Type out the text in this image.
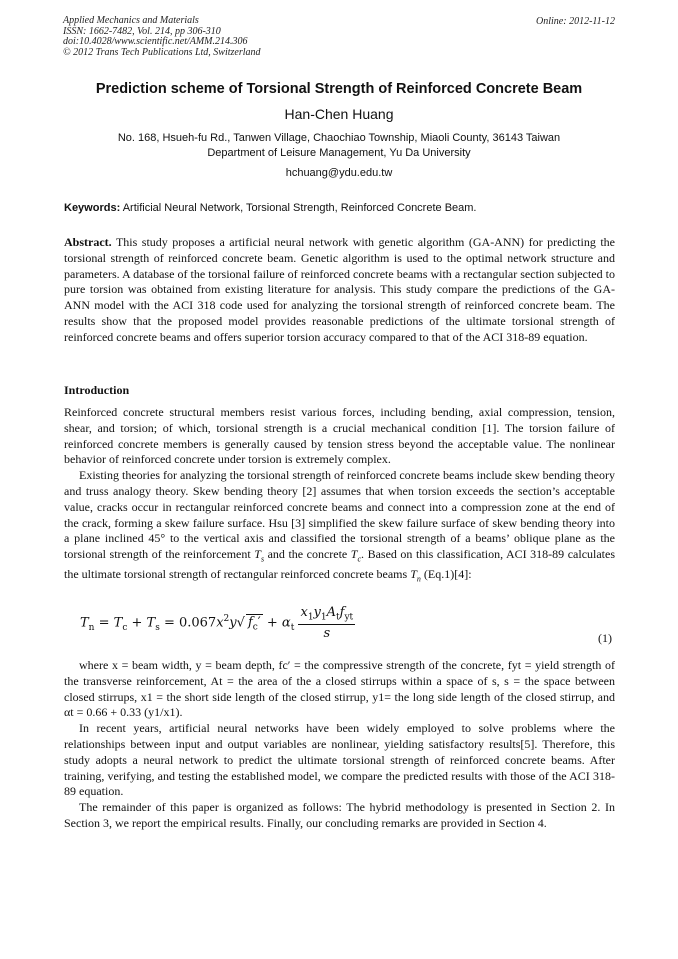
Applied Mechanics and Materials
ISSN: 1662-7482, Vol. 214, pp 306-310
doi:10.4028/www.scientific.net/AMM.214.306
© 2012 Trans Tech Publications Ltd, Switzerland
Online: 2012-11-12
Prediction scheme of Torsional Strength of Reinforced Concrete Beam
Han-Chen Huang
No. 168, Hsueh-fu Rd., Tanwen Village, Chaochiao Township, Miaoli County, 36143 Taiwan
Department of Leisure Management, Yu Da University
hchuang@ydu.edu.tw
Keywords: Artificial Neural Network, Torsional Strength, Reinforced Concrete Beam.
Abstract. This study proposes a artificial neural network with genetic algorithm (GA-ANN) for predicting the torsional strength of reinforced concrete beam. Genetic algorithm is used to the optimal network structure and parameters. A database of the torsional failure of reinforced concrete beams with a rectangular section subjected to pure torsion was obtained from existing literature for analysis. This study compare the predictions of the GA-ANN model with the ACI 318 code used for analyzing the torsional strength of reinforced concrete beam. The results show that the proposed model provides reasonable predictions of the ultimate torsional strength of reinforced concrete beams and offers superior torsion accuracy compared to that of the ACI 318-89 equation.
Introduction

Reinforced concrete structural members resist various forces, including bending, axial compression, tension, shear, and torsion; of which, torsional strength is a crucial mechanical condition [1]. The torsion failure of reinforced concrete members is generally caused by tension stress beyond the acceptable value. The nonlinear behavior of reinforced concrete under torsion is extremely complex.

Existing theories for analyzing the torsional strength of reinforced concrete beams include skew bending theory and truss analogy theory. Skew bending theory [2] assumes that when torsion exceeds the section’s acceptable value, cracks occur in rectangular reinforced concrete beams and connect into a compression zone at the end of the crack, forming a skew failure surface. Hsu [3] simplified the skew failure surface of skew bending theory into a plane inclined 45° to the vertical axis and classified the torsional strength of a beams’ oblique plane as the torsional strength of the reinforcement $T_s$ and the concrete $T_c$. Based on this classification, ACI 318-89 calculates the ultimate torsional strength of rectangular reinforced concrete beams $T_n$ (Eq.1)[4]:

$T_n = T_c + T_s = 0.067x^2y√$ $f_c' + \alpha_t \frac{x_1y_1A_tf_{yt}}{s}$	(1)

where x = beam width, y = beam depth, fc′ = the compressive strength of the concrete, fyt = yield strength of the transverse reinforcement, At = the area of the a closed stirrups within a space of s, s = the space between closed stirrups, x1 = the short side length of the closed stirrup, y1= the long side length of the closed stirrup, and αt = 0.66 + 0.33 (y1/x1).

In recent years, artificial neural networks have been widely employed to solve problems where the relationships between input and output variables are nonlinear, yielding satisfactory results[5]. Therefore, this study adopts a neural network to predict the ultimate torsional strength of reinforced concrete beams. After training, verifying, and testing the established model, we compare the predicted results with those of the ACI 318-89 equation.

The remainder of this paper is organized as follows: The hybrid methodology is presented in Section 2. In Section 3, we report the empirical results. Finally, our concluding remarks are provided in Section 4.
